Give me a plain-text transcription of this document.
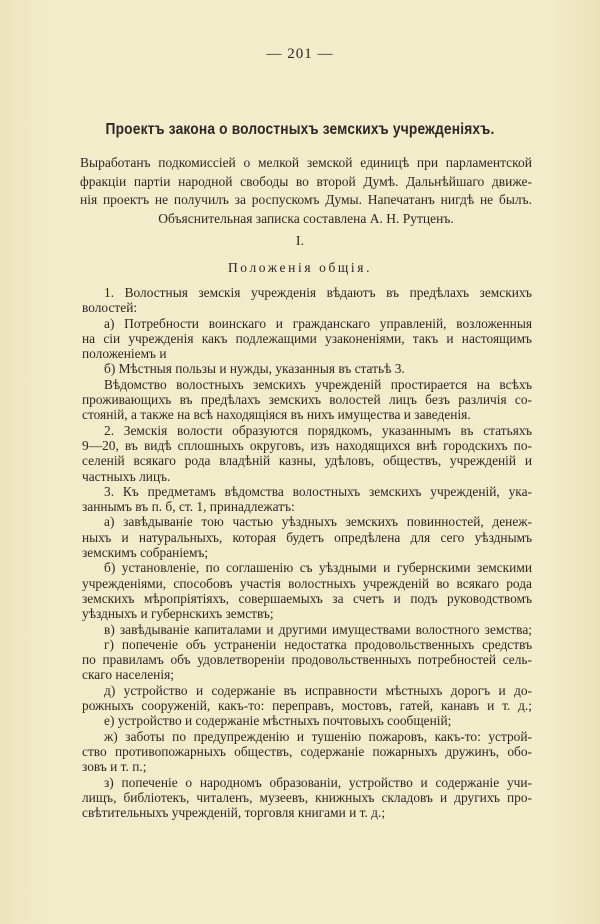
— 201 —
Проектъ закона о волостныхъ земскихъ учрежденіяхъ.
Выработанъ подкомиссіей о мелкой земской единицѣ при парламентской
фракціи партіи народной свободы во второй Думѣ. Дальнѣйшаго движе-
нія проектъ не получилъ за роспускомъ Думы. Напечатанъ нигдѣ не былъ.
Объяснительная записка составлена А. Н. Рутценъ.
I.
Положенія общія.
1. Волостныя земскія учрежденія вѣдаютъ въ предѣлахъ земскихъ
волостей:
а) Потребности воинскаго и гражданскаго управленій, возложенныя
на сіи учрежденія какъ подлежащими узаконеніями, такъ и настоящимъ
положеніемъ и
б) Мѣстныя пользы и нужды, указанныя въ статьѣ 3.
Вѣдомство волостныхъ земскихъ учрежденій простирается на всѣхъ
проживающихъ въ предѣлахъ земскихъ волостей лицъ безъ различія со-
стояній, а также на всѣ находящіяся въ нихъ имущества и заведенія.
2. Земскія волости образуются порядкомъ, указаннымъ въ статьяхъ
9—20, въ видѣ сплошныхъ округовъ, изъ находящихся внѣ городскихъ по-
селеній всякаго рода владѣній казны, удѣловъ, обществъ, учрежденій и
частныхъ лицъ.
3. Къ предметамъ вѣдомства волостныхъ земскихъ учрежденій, ука-
заннымъ въ п. б, ст. 1, принадлежатъ:
а) завѣдываніе тою частью уѣздныхъ земскихъ повинностей, денеж-
ныхъ и натуральныхъ, которая будетъ опредѣлена для сего уѣзднымъ
земскимъ собраніемъ;
б) установленіе, по соглашенію съ уѣздными и губернскими земскими
учрежденіями, способовъ участія волостныхъ учрежденій во всякаго рода
земскихъ мѣропріятіяхъ, совершаемыхъ за счетъ и подъ руководствомъ
уѣздныхъ и губернскихъ земствъ;
в) завѣдываніе капиталами и другими имуществами волостного земства;
г) попеченіе объ устраненіи недостатка продовольственныхъ средствъ
по правиламъ объ удовлетвореніи продовольственныхъ потребностей сель-
скаго населенія;
д) устройство и содержаніе въ исправности мѣстныхъ дорогъ и до-
рожныхъ сооруженій, какъ-то: переправъ, мостовъ, гатей, канавъ и т. д.;
е) устройство и содержаніе мѣстныхъ почтовыхъ сообщеній;
ж) заботы по предупрежденію и тушенію пожаровъ, какъ-то: устрой-
ство противопожарныхъ обществъ, содержаніе пожарныхъ дружинъ, обо-
зовъ и т. п.;
з) попеченіе о народномъ образованіи, устройство и содержаніе учи-
лищъ, библіотекъ, читаленъ, музеевъ, книжныхъ складовъ и другихъ про-
свѣтительныхъ учрежденій, торговля книгами и т. д.;
